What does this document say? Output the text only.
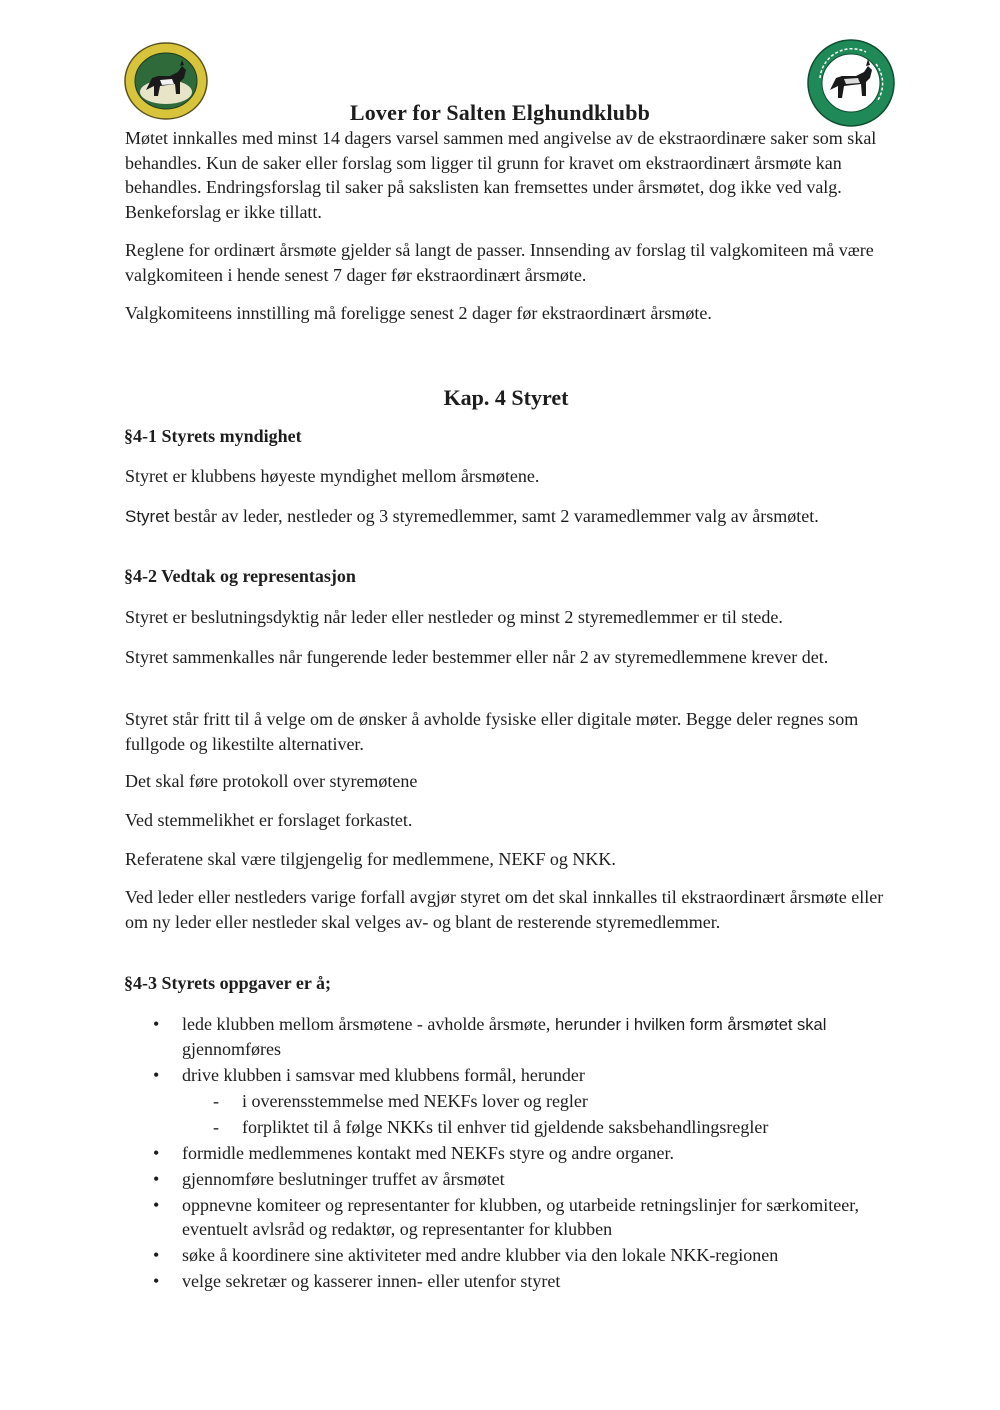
Lover for Salten Elghundklubb
Møtet innkalles med minst 14 dagers varsel sammen med angivelse av de ekstraordinære saker som skal behandles. Kun de saker eller forslag som ligger til grunn for kravet om ekstraordinært årsmøte kan behandles. Endringsforslag til saker på sakslisten kan fremsettes under årsmøtet, dog ikke ved valg. Benkeforslag er ikke tillatt.
Reglene for ordinært årsmøte gjelder så langt de passer. Innsending av forslag til valgkomiteen må være valgkomiteen i hende senest 7 dager før ekstraordinært årsmøte.
Valgkomiteens innstilling må foreligge senest 2 dager før ekstraordinært årsmøte.
Kap. 4 Styret
§4-1 Styrets myndighet
Styret er klubbens høyeste myndighet mellom årsmøtene.
Styret består av leder, nestleder og 3 styremedlemmer, samt 2 varamedlemmer valg av årsmøtet.
§4-2 Vedtak og representasjon
Styret er beslutningsdyktig når leder eller nestleder og minst 2 styremedlemmer er til stede.
Styret sammenkalles når fungerende leder bestemmer eller når 2 av styremedlemmene krever det.
Styret står fritt til å velge om de ønsker å avholde fysiske eller digitale møter. Begge deler regnes som fullgode og likestilte alternativer.
Det skal føre protokoll over styremøtene
Ved stemmelikhet er forslaget forkastet.
Referatene skal være tilgjengelig for medlemmene, NEKF og NKK.
Ved leder eller nestleders varige forfall avgjør styret om det skal innkalles til ekstraordinært årsmøte eller om ny leder eller nestleder skal velges av- og blant de resterende styremedlemmer.
§4-3 Styrets oppgaver er å;
• lede klubben mellom årsmøtene - avholde årsmøte, herunder i hvilken form årsmøtet skal
gjennomføres
• drive klubben i samsvar med klubbens formål, herunder
- i overensstemmelse med NEKFs lover og regler
- forpliktet til å følge NKKs til enhver tid gjeldende saksbehandlingsregler
• formidle medlemmenes kontakt med NEKFs styre og andre organer.
• gjennomføre beslutninger truffet av årsmøtet
• oppnevne komiteer og representanter for klubben, og utarbeide retningslinjer for særkomiteer, eventuelt avlsråd og redaktør, og representanter for klubben
• søke å koordinere sine aktiviteter med andre klubber via den lokale NKK-regionen
• velge sekretær og kasserer innen- eller utenfor styret
